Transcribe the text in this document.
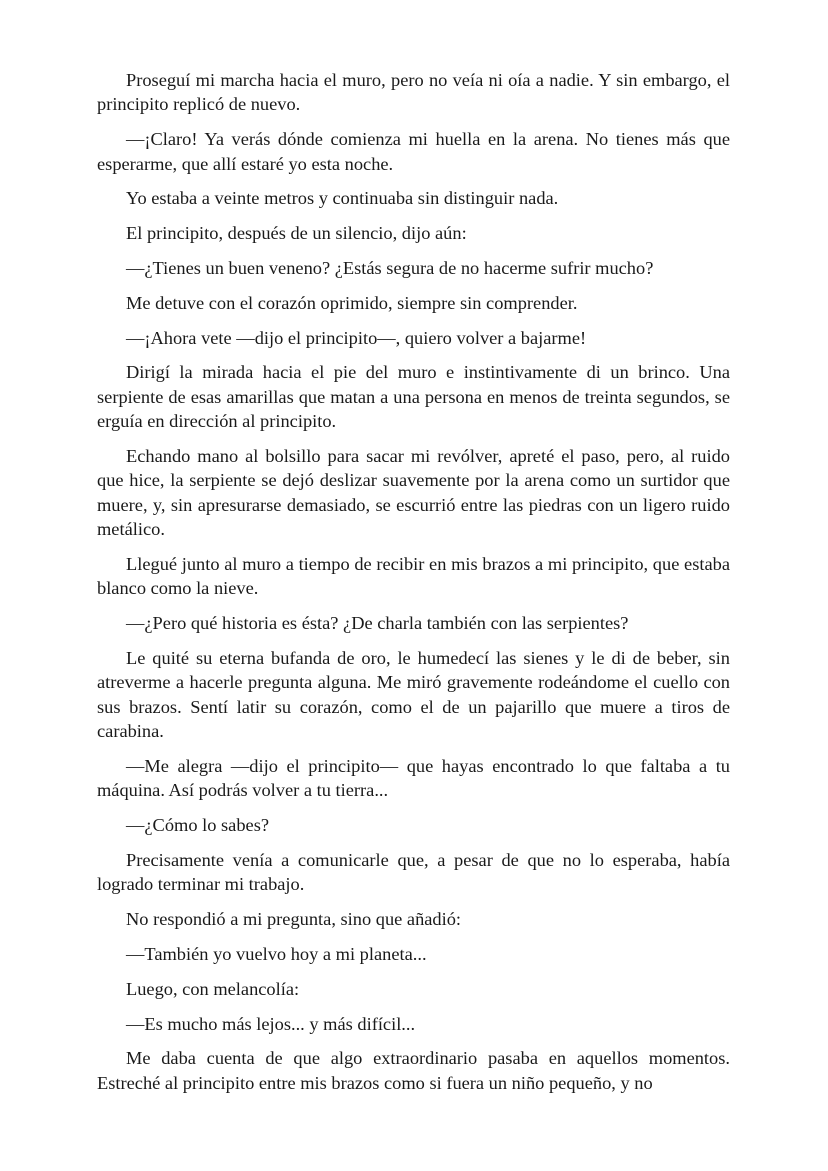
Proseguí mi marcha hacia el muro, pero no veía ni oía a nadie. Y sin embargo, el principito replicó de nuevo.

—¡Claro! Ya verás dónde comienza mi huella en la arena. No tienes más que esperarme, que allí estaré yo esta noche.

Yo estaba a veinte metros y continuaba sin distinguir nada.

El principito, después de un silencio, dijo aún:

—¿Tienes un buen veneno? ¿Estás segura de no hacerme sufrir mucho?

Me detuve con el corazón oprimido, siempre sin comprender.

—¡Ahora vete —dijo el principito—, quiero volver a bajarme!

Dirigí la mirada hacia el pie del muro e instintivamente di un brinco. Una serpiente de esas amarillas que matan a una persona en menos de treinta segundos, se erguía en dirección al principito.

Echando mano al bolsillo para sacar mi revólver, apreté el paso, pero, al ruido que hice, la serpiente se dejó deslizar suavemente por la arena como un surtidor que muere, y, sin apresurarse demasiado, se escurrió entre las piedras con un ligero ruido metálico.

Llegué junto al muro a tiempo de recibir en mis brazos a mi principito, que estaba blanco como la nieve.

—¿Pero qué historia es ésta? ¿De charla también con las serpientes?

Le quité su eterna bufanda de oro, le humedecí las sienes y le di de beber, sin atreverme a hacerle pregunta alguna. Me miró gravemente rodeándome el cuello con sus brazos. Sentí latir su corazón, como el de un pajarillo que muere a tiros de carabina.

—Me alegra —dijo el principito— que hayas encontrado lo que faltaba a tu máquina. Así podrás volver a tu tierra...

—¿Cómo lo sabes?

Precisamente venía a comunicarle que, a pesar de que no lo esperaba, había logrado terminar mi trabajo.

No respondió a mi pregunta, sino que añadió:

—También yo vuelvo hoy a mi planeta...

Luego, con melancolía:

—Es mucho más lejos... y más difícil...

Me daba cuenta de que algo extraordinario pasaba en aquellos momentos. Estreché al principito entre mis brazos como si fuera un niño pequeño, y no
